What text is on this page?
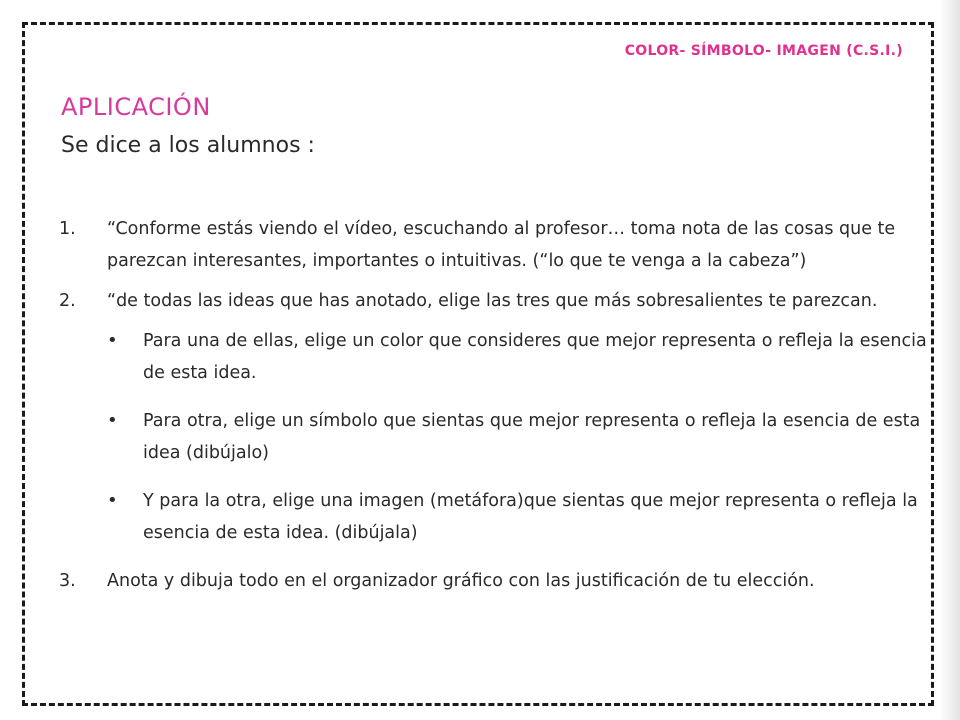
COLOR- SÍMBOLO- IMAGEN (C.S.I.)
APLICACIÓN
Se dice a los alumnos :
1. “Conforme estás viendo el vídeo, escuchando al profesor… toma nota de las cosas que te parezcan interesantes, importantes o intuitivas. (“lo que te venga a la cabeza”)
2. “de todas las ideas que has anotado, elige las tres que más sobresalientes te parezcan.
• Para una de ellas, elige un color que consideres que mejor representa o refleja la esencia de esta idea.
• Para otra, elige un símbolo que sientas que mejor representa o refleja la esencia de esta idea (dibújalo)
• Y para la otra, elige una imagen (metáfora)que sientas que mejor representa o refleja la esencia de esta idea. (dibújala)
3. Anota y dibuja todo en el organizador gráfico con las justificación de tu elección.
